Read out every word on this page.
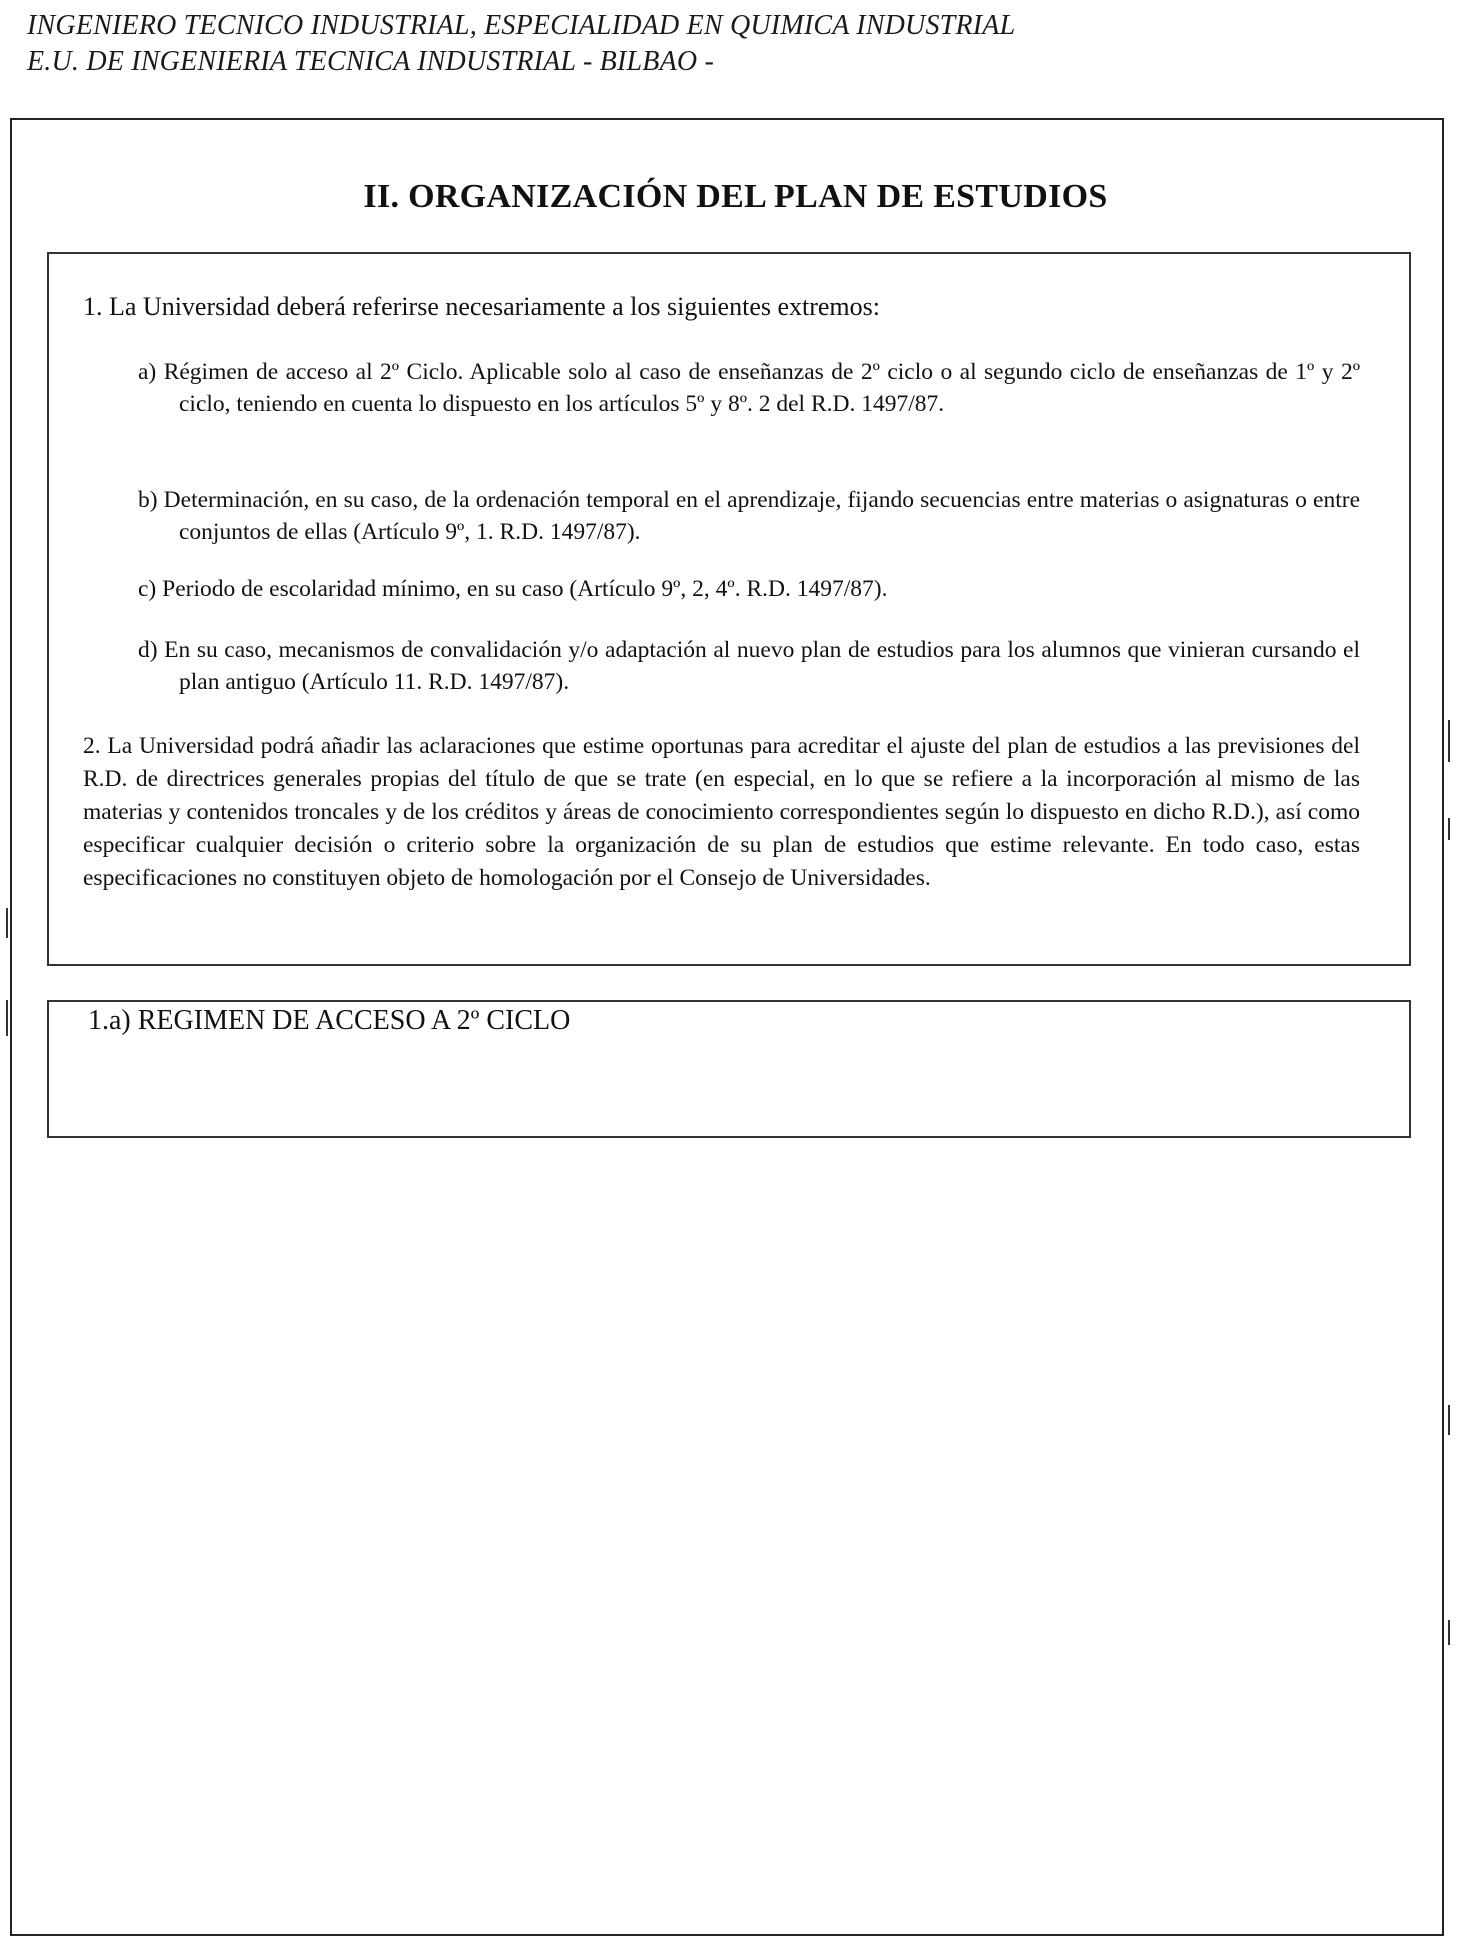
INGENIERO TECNICO INDUSTRIAL, ESPECIALIDAD EN QUIMICA INDUSTRIAL
E.U. DE INGENIERIA TECNICA INDUSTRIAL - BILBAO -
II. ORGANIZACIÓN DEL PLAN DE ESTUDIOS
1. La Universidad deberá referirse necesariamente a los siguientes extremos:
a) Régimen de acceso al 2º Ciclo. Aplicable solo al caso de enseñanzas de 2º ciclo o al segundo ciclo de enseñanzas de 1º y 2º ciclo, teniendo en cuenta lo dispuesto en los artículos 5º y 8º. 2 del R.D. 1497/87.
b) Determinación, en su caso, de la ordenación temporal en el aprendizaje, fijando secuencias entre materias o asignaturas o entre conjuntos de ellas (Artículo 9º, 1. R.D. 1497/87).
c) Periodo de escolaridad mínimo, en su caso (Artículo 9º, 2, 4º. R.D. 1497/87).
d) En su caso, mecanismos de convalidación y/o adaptación al nuevo plan de estudios para los alumnos que vinieran cursando el plan antiguo (Artículo 11. R.D. 1497/87).
2. La Universidad podrá añadir las aclaraciones que estime oportunas para acreditar el ajuste del plan de estudios a las previsiones del R.D. de directrices generales propias del título de que se trate (en especial, en lo que se refiere a la incorporación al mismo de las materias y contenidos troncales y de los créditos y áreas de conocimiento correspondientes según lo dispuesto en dicho R.D.), así como especificar cualquier decisión o criterio sobre la organización de su plan de estudios que estime relevante. En todo caso, estas especificaciones no constituyen objeto de homologación por el Consejo de Universidades.
1.a) REGIMEN DE ACCESO A 2º CICLO
